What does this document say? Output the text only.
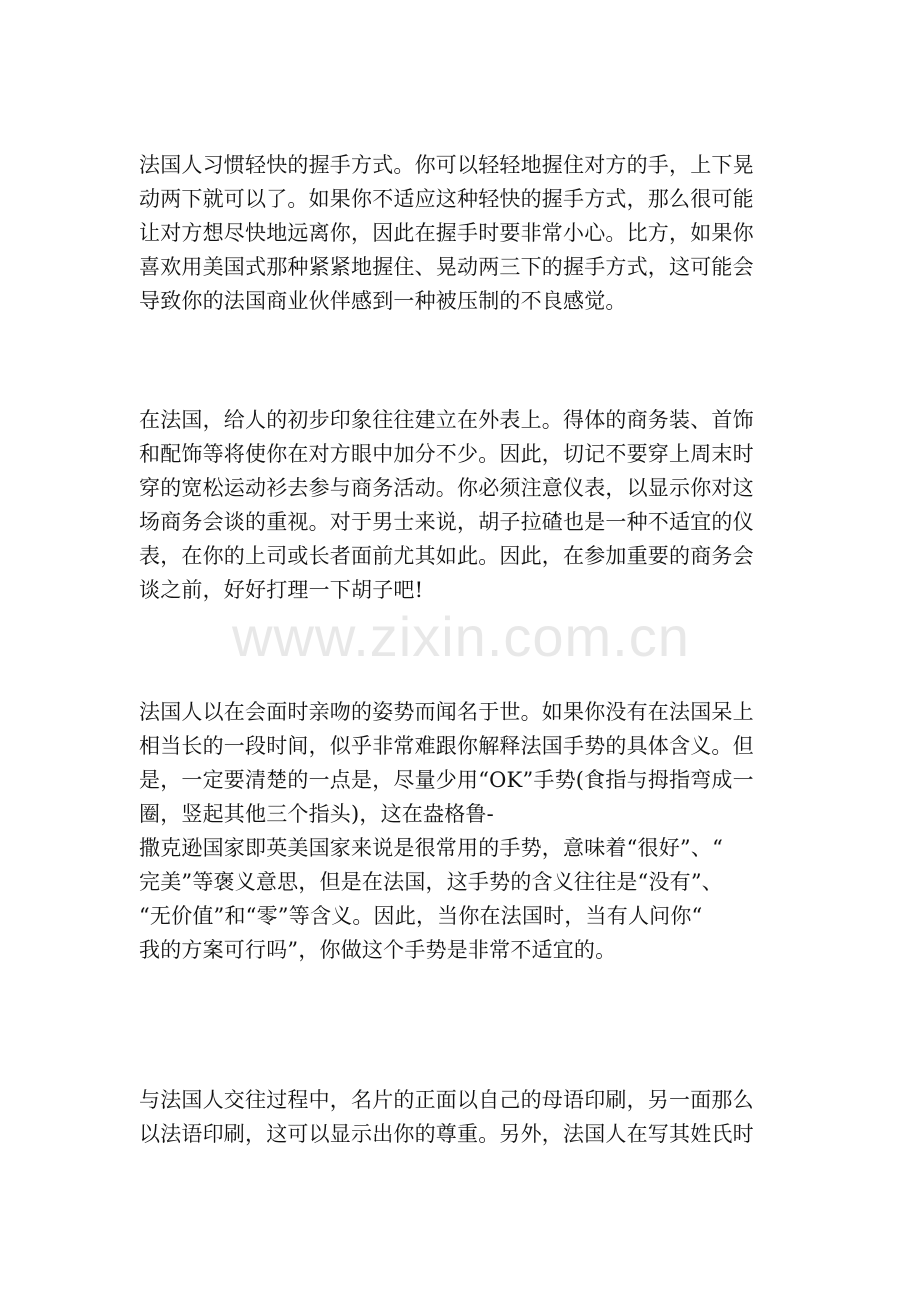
法国人习惯轻快的握手方式。你可以轻轻地握住对方的手，上下晃
动两下就可以了。如果你不适应这种轻快的握手方式，那么很可能
让对方想尽快地远离你，因此在握手时要非常小心。比方，如果你
喜欢用美国式那种紧紧地握住、晃动两三下的握手方式，这可能会
导致你的法国商业伙伴感到一种被压制的不良感觉。
在法国，给人的初步印象往往建立在外表上。得体的商务装、首饰
和配饰等将使你在对方眼中加分不少。因此，切记不要穿上周末时
穿的宽松运动衫去参与商务活动。你必须注意仪表，以显示你对这
场商务会谈的重视。对于男士来说，胡子拉碴也是一种不适宜的仪
表，在你的上司或长者面前尤其如此。因此，在参加重要的商务会
谈之前，好好打理一下胡子吧!
法国人以在会面时亲吻的姿势而闻名于世。如果你没有在法国呆上
相当长的一段时间，似乎非常难跟你解释法国手势的具体含义。但
是，一定要清楚的一点是，尽量少用“OK”手势(食指与拇指弯成一
圈，竖起其他三个指头)，这在盎格鲁-
撒克逊国家即英美国家来说是很常用的手势，意味着“很好”、“
完美”等褒义意思，但是在法国，这手势的含义往往是“没有”、
“无价值”和“零”等含义。因此，当你在法国时，当有人问你“
我的方案可行吗”，你做这个手势是非常不适宜的。
与法国人交往过程中，名片的正面以自己的母语印刷，另一面那么
以法语印刷，这可以显示出你的尊重。另外，法国人在写其姓氏时
www.zixin.com.cn
